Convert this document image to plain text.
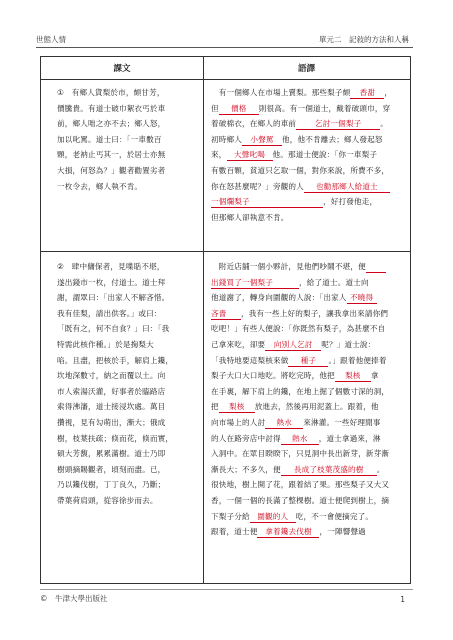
世態人情	單元二　記敍的方法和人稱
課文	語譯
①　有鄉人貨梨於市，頗甘芳，
價騰貴。有道士破巾絮衣丐於車
前，鄉人咄之亦不去；鄉人怒，
加以叱罵。道士曰：「一車數百
顆，老衲止丐其一，於居士亦無
大損，何怒為？」觀者勸置劣者
一枚令去，鄉人執不肯。
　有一個鄉人在市場上賣梨。那些梨子頗 香甜 ，
但 價格 則很高。有一個道士，戴着破頭巾，穿
着破棉衣，在鄉人的車前 乞討一個梨子 。
初時鄉人 小聲罵 他，他不肯離去；鄉人發起怒
來， 大聲叱喝 他。那道士便說：「你一車梨子
有數百顆，貧道只乞取一個，對你來說，所費不多，
你在怒甚麼呢？」旁觀的人 也勸那鄉人給道士
一個爛梨子	，好打發他走，
但那鄉人卻執意不肯。
②　肆中傭保者，見喋聒不堪，
遂出錢市一枚，付道士。道士拜
謝，謂眾曰：「出家人不解吝惜。
我有佳梨，請出供客。」或曰：
「既有之，何不自食？」曰：「我
特需此核作種。」於是掬梨大
啗。且盡，把核於手，解肩上鑱，
坎地深數寸，納之而覆以土。向
市人索湯沃灌，好事者於臨路店
索得沸瀋，道士接浸坎處。萬目
攢視，見有勾萌出，漸大；俄成
樹，枝葉扶疏；倏而花，倏而實，
碩大芳馥，累累滿樹。道士乃即
樹頭摘賜觀者，頃刻而盡。已，
乃以鑱伐樹，丁丁良久，乃斷；
帶葉荷肩頭，從容徐步而去。
　附近店舖一個小夥計，見他們吵鬧不堪，便　　　
出錢買了一個梨子	，給了道士。道士向
他道謝了，轉身向圍觀的人說：「出家人 不曉得
吝嗇 ，我有一些上好的梨子，讓我拿出來請你們
吃吧！」有些人便說：「你既然有梨子，為甚麼不自
己拿來吃，卻要 向別人乞討 呢？」道士說：
「我特地要這梨核來做 種子 。」跟着他便捧着
梨子大口大口地吃。將吃完時，他把 梨核 拿
在手裏，解下肩上的鑱，在地上掘了個數寸深的洞，
把 梨核 放進去，然後再用泥蓋上。跟着，他
向市場上的人討 熱水 來淋灌。一些好理閒事
的人在路旁店中討得 熱水 ，道士拿過來，淋
入洞中。在眾目睽睽下，只見洞中長出新芽，新芽漸
漸長大；不多久，便 長成了枝葉茂盛的樹 。
很快地，樹上開了花，跟着結了果。那些梨子又大又
香，一個一個的長滿了整棵樹。道士便爬到樹上，摘
下梨子分給 圍觀的人 吃，不一會便摘完了。
跟着，道士便 拿着鑱去伐樹 ，一陣響聲過
©　牛津大學出版社	1
